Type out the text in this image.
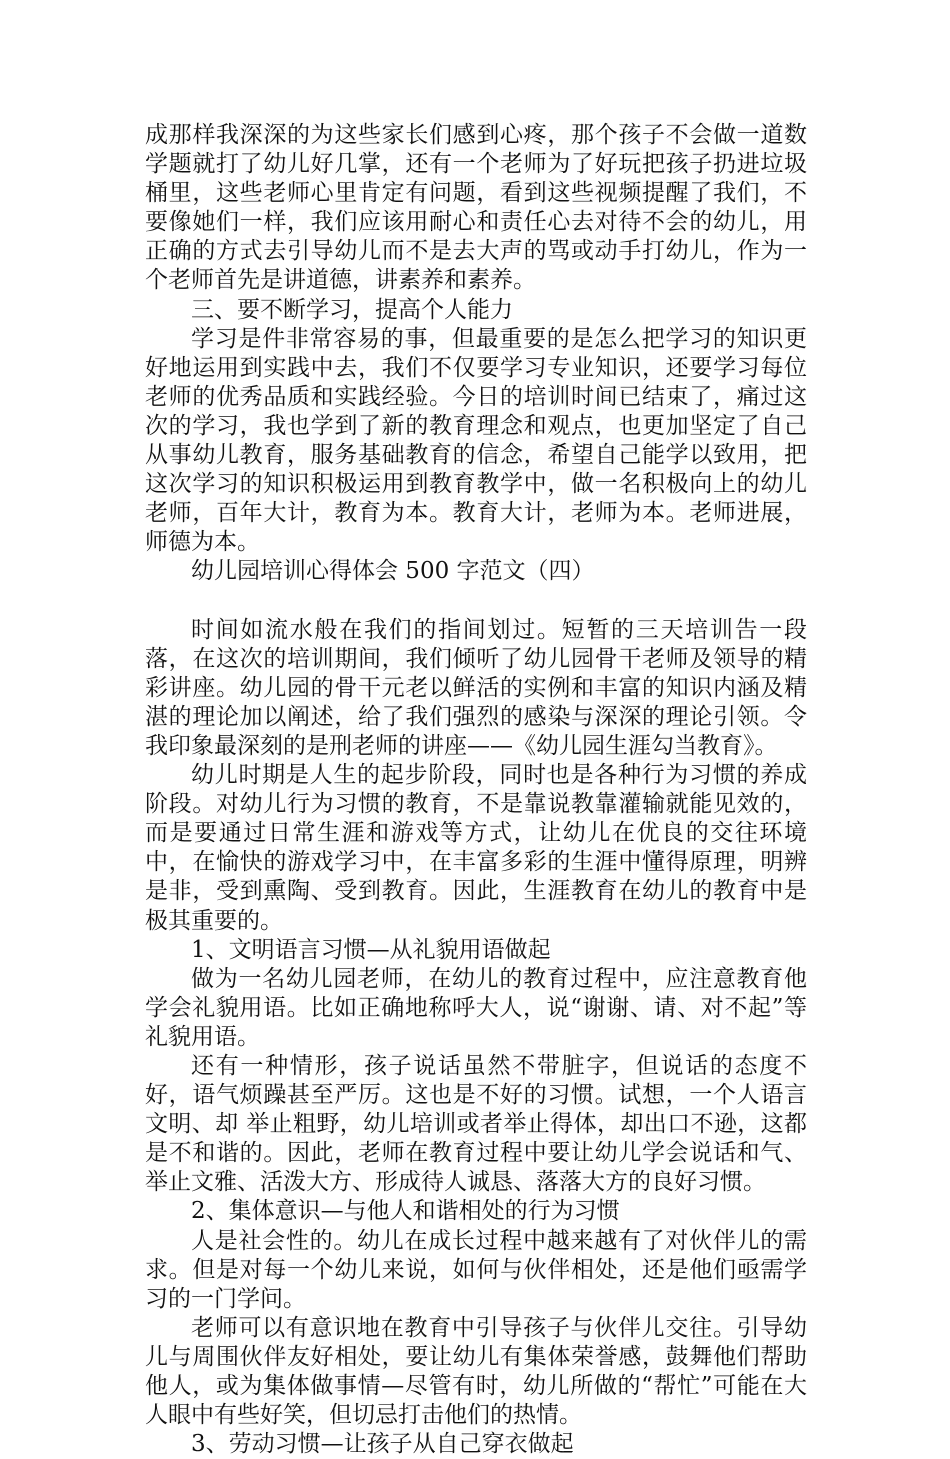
成那样我深深的为这些家长们感到心疼，那个孩子不会做一道数学题就打了幼儿好几掌，还有一个老师为了好玩把孩子扔进垃圾桶里，这些老师心里肯定有问题，看到这些视频提醒了我们，不要像她们一样，我们应该用耐心和责任心去对待不会的幼儿，用正确的方式去引导幼儿而不是去大声的骂或动手打幼儿，作为一个老师首先是讲道德，讲素养和素养。

三、要不断学习，提高个人能力

学习是件非常容易的事，但最重要的是怎么把学习的知识更好地运用到实践中去，我们不仅要学习专业知识，还要学习每位老师的优秀品质和实践经验。今日的培训时间已结束了，痛过这次的学习，我也学到了新的教育理念和观点，也更加坚定了自己从事幼儿教育，服务基础教育的信念，希望自己能学以致用，把这次学习的知识积极运用到教育教学中，做一名积极向上的幼儿老师，百年大计，教育为本。教育大计，老师为本。老师进展，师德为本。

幼儿园培训心得体会 500 字范文（四）

时间如流水般在我们的指间划过。短暂的三天培训告一段落，在这次的培训期间，我们倾听了幼儿园骨干老师及领导的精彩讲座。幼儿园的骨干元老以鲜活的实例和丰富的知识内涵及精湛的理论加以阐述，给了我们强烈的感染与深深的理论引领。令我印象最深刻的是刑老师的讲座——《幼儿园生涯勾当教育》。

幼儿时期是人生的起步阶段，同时也是各种行为习惯的养成阶段。对幼儿行为习惯的教育，不是靠说教靠灌输就能见效的，而是要通过日常生涯和游戏等方式，让幼儿在优良的交往环境中，在愉快的游戏学习中，在丰富多彩的生涯中懂得原理，明辨是非，受到熏陶、受到教育。因此，生涯教育在幼儿的教育中是极其重要的。

1、文明语言习惯—从礼貌用语做起

做为一名幼儿园老师，在幼儿的教育过程中，应注意教育他学会礼貌用语。比如正确地称呼大人，说“谢谢、请、对不起”等礼貌用语。

还有一种情形，孩子说话虽然不带脏字，但说话的态度不好，语气烦躁甚至严厉。这也是不好的习惯。试想，一个人语言文明、却 举止粗野，幼儿培训或者举止得体，却出口不逊，这都是不和谐的。因此，老师在教育过程中要让幼儿学会说话和气、举止文雅、活泼大方、形成待人诚恳、落落大方的良好习惯。

2、集体意识—与他人和谐相处的行为习惯

人是社会性的。幼儿在成长过程中越来越有了对伙伴儿的需求。但是对每一个幼儿来说，如何与伙伴相处，还是他们亟需学习的一门学问。

老师可以有意识地在教育中引导孩子与伙伴儿交往。引导幼儿与周围伙伴友好相处，要让幼儿有集体荣誉感，鼓舞他们帮助他人，或为集体做事情—尽管有时，幼儿所做的“帮忙”可能在大人眼中有些好笑，但切忌打击他们的热情。

3、劳动习惯—让孩子从自己穿衣做起
